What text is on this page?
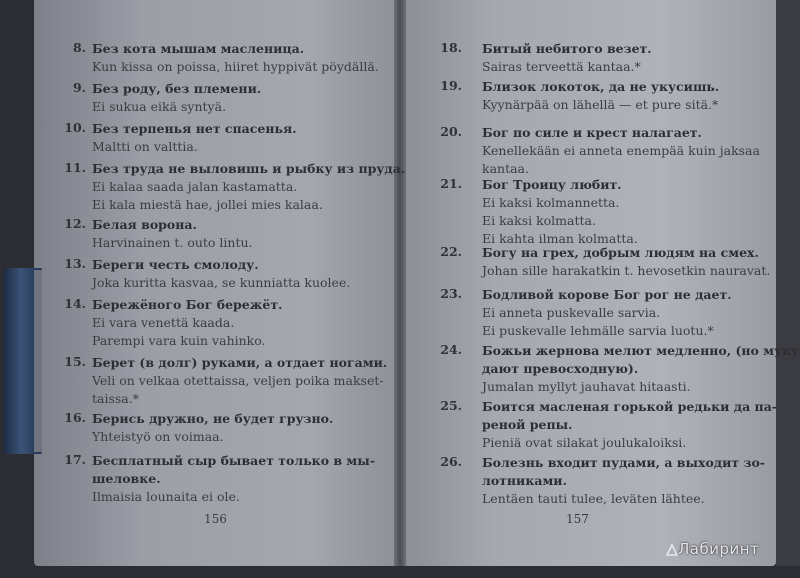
8. Без кота мышам масленица.
Kun kissa on poissa, hiiret hyppivät pöydällä.
9. Без роду, без племени.
Ei sukua eikä syntyä.
10. Без терпенья нет спасенья.
Maltti on valttia.
11. Без труда не выловишь и рыбку из пруда.
Ei kalaa saada jalan kastamatta.
Ei kala miestä hae, jollei mies kalaa.
12. Белая ворона.
Harvinainen t. outo lintu.
13. Береги честь смолоду.
Joka kuritta kasvaa, se kunniatta kuolee.
14. Бережёного Бог бережёт.
Ei vara venettä kaada.
Parempi vara kuin vahinko.
15. Берет (в долг) руками, а отдает ногами.
Veli on velkaa otettaissa, veljen poika makset-
taissa.*
16. Берись дружно, не будет грузно.
Yhteistyö on voimaa.
17. Бесплатный сыр бывает только в мы-
шеловке.
Ilmaisia lounaita ei ole.
18. Битый небитого везет.
Sairas terveettä kantaa.*
19. Близок локоток, да не укусишь.
Kyynärpää on lähellä — et pure sitä.*
20. Бог по силе и крест налагает.
Kenellekään ei anneta enempää kuin jaksaa
kantaa.
21. Бог Троицу любит.
Ei kaksi kolmannetta.
Ei kaksi kolmatta.
Ei kahta ilman kolmatta.
22. Богу на грех, добрым людям на смех.
Johan sille harakatkin t. hevosetkin nauravat.
23. Бодливой корове Бог рог не дает.
Ei anneta puskevalle sarvia.
Ei puskevalle lehmälle sarvia luotu.*
24. Божьи жернова мелют медленно, (но муку
дают превосходную).
Jumalan myllyt jauhavat hitaasti.
25. Боится масленая горькой редьки да па-
реной репы.
Pieniä ovat silakat joulukaloiksi.
26. Болезнь входит пудами, а выходит зо-
лотниками.
Lentäen tauti tulee, leväten lähtee.
156	157
Лабиринт
